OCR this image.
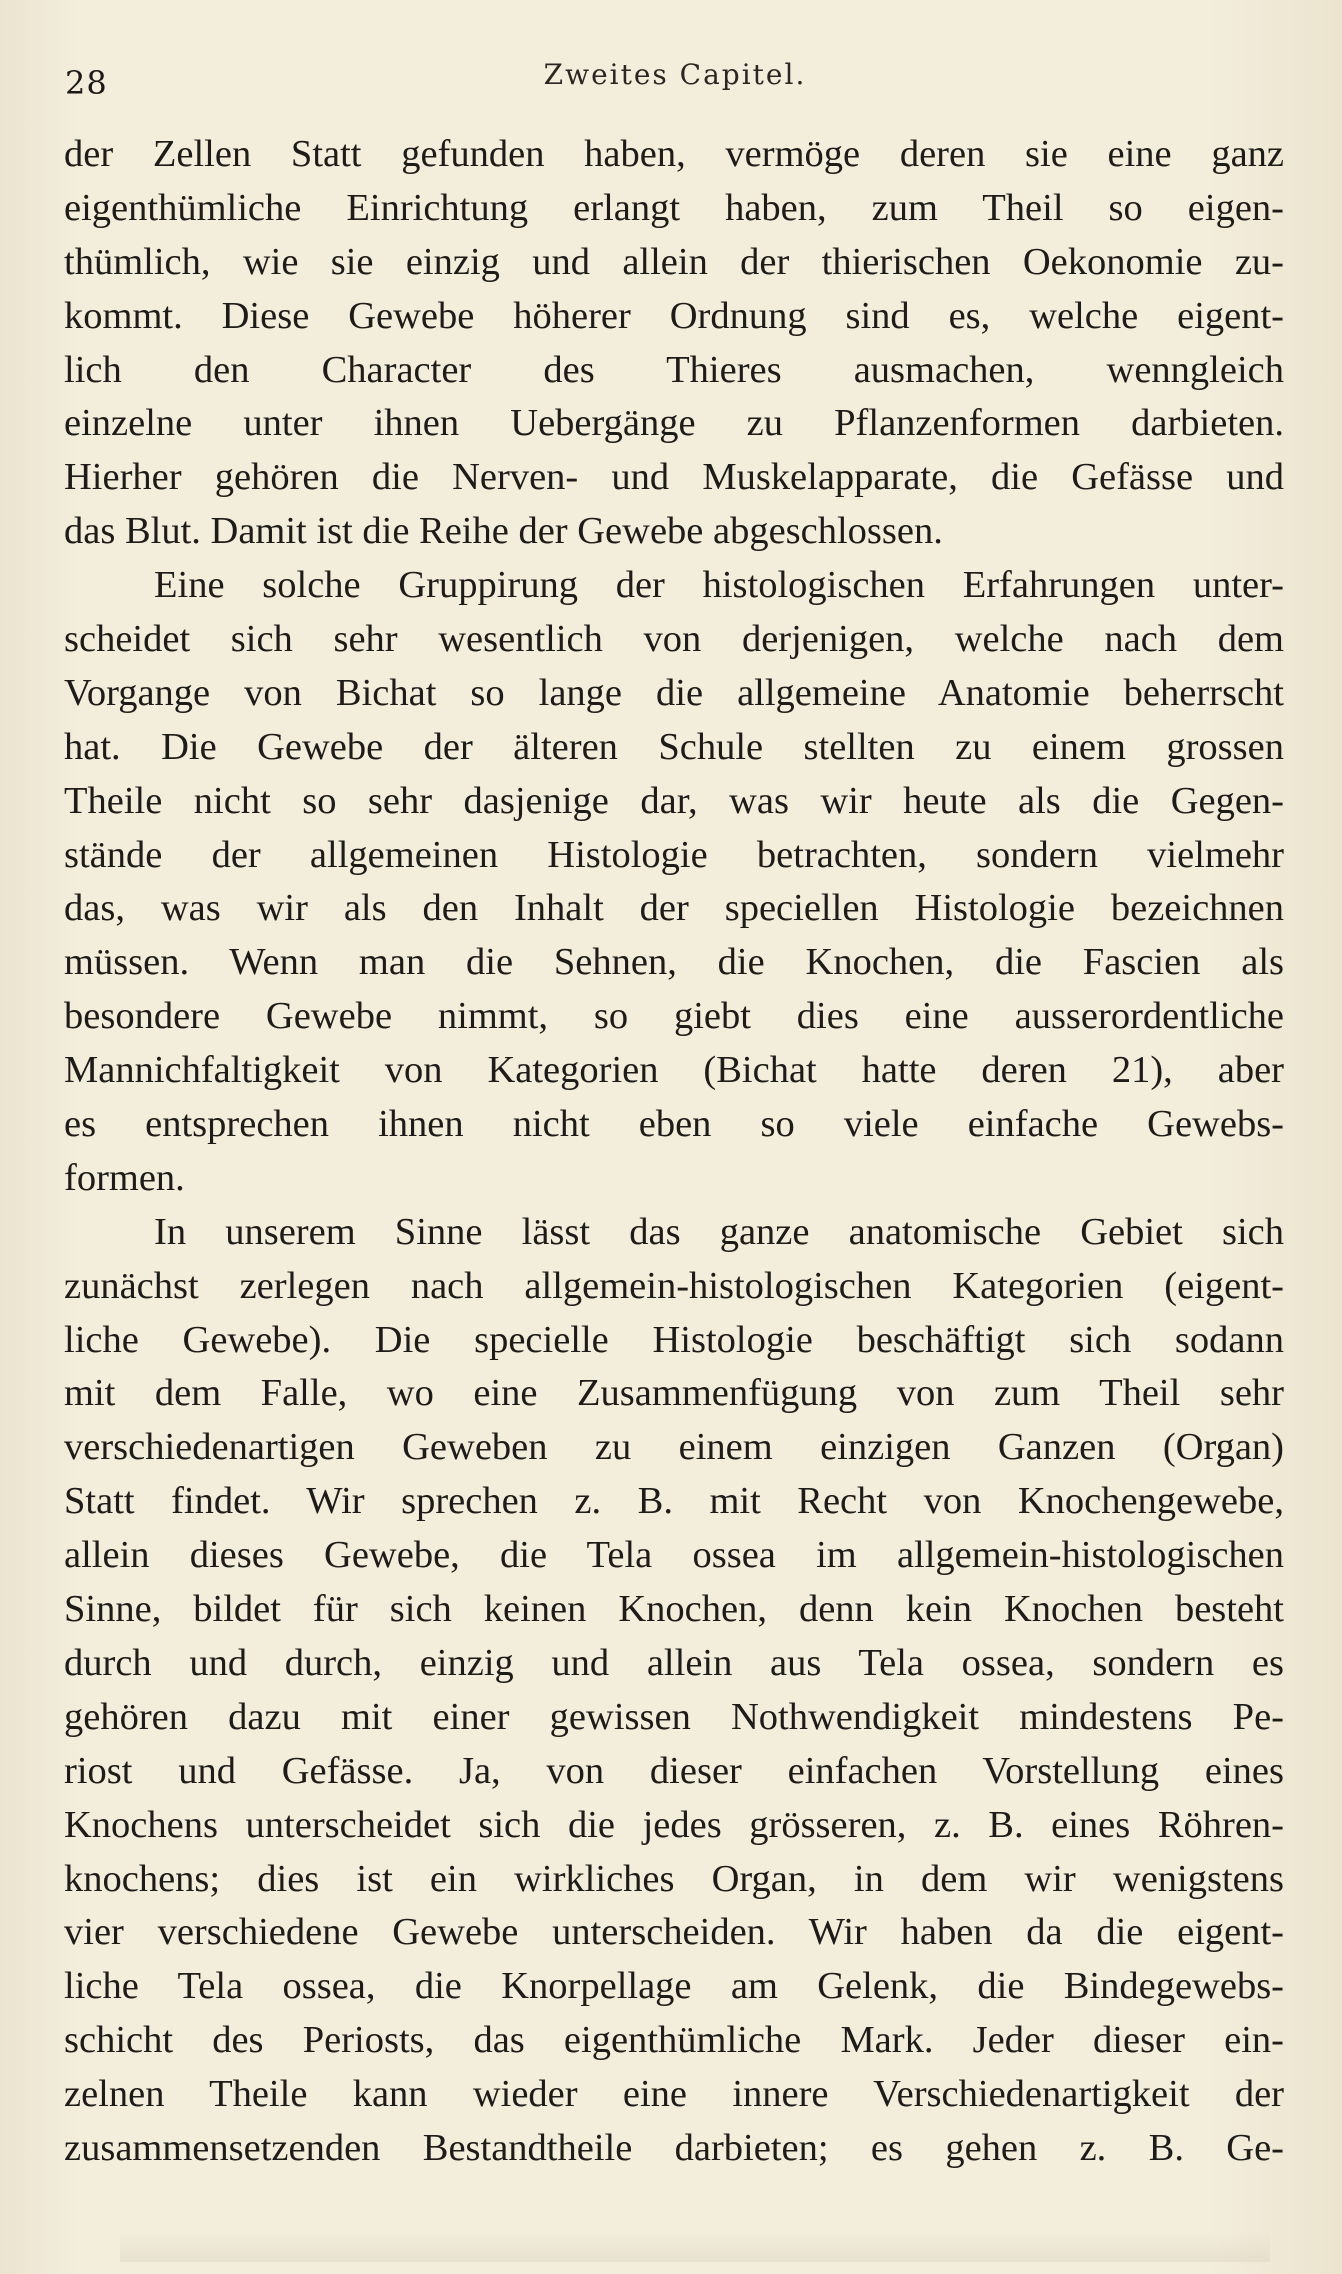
28	Zweites Capitel.
der Zellen Statt gefunden haben, vermöge deren sie eine ganz
eigenthümliche Einrichtung erlangt haben, zum Theil so eigen-
thümlich, wie sie einzig und allein der thierischen Oekonomie zu-
kommt. Diese Gewebe höherer Ordnung sind es, welche eigent-
lich den Character des Thieres ausmachen, wenngleich
einzelne unter ihnen Uebergänge zu Pflanzenformen darbieten.
Hierher gehören die Nerven- und Muskelapparate, die Gefässe und
das Blut. Damit ist die Reihe der Gewebe abgeschlossen.
Eine solche Gruppirung der histologischen Erfahrungen unter-
scheidet sich sehr wesentlich von derjenigen, welche nach dem
Vorgange von Bichat so lange die allgemeine Anatomie beherrscht
hat. Die Gewebe der älteren Schule stellten zu einem grossen
Theile nicht so sehr dasjenige dar, was wir heute als die Gegen-
stände der allgemeinen Histologie betrachten, sondern vielmehr
das, was wir als den Inhalt der speciellen Histologie bezeichnen
müssen. Wenn man die Sehnen, die Knochen, die Fascien als
besondere Gewebe nimmt, so giebt dies eine ausserordentliche
Mannichfaltigkeit von Kategorien (Bichat hatte deren 21), aber
es entsprechen ihnen nicht eben so viele einfache Gewebs-
formen.
In unserem Sinne lässt das ganze anatomische Gebiet sich
zunächst zerlegen nach allgemein-histologischen Kategorien (eigent-
liche Gewebe). Die specielle Histologie beschäftigt sich sodann
mit dem Falle, wo eine Zusammenfügung von zum Theil sehr
verschiedenartigen Geweben zu einem einzigen Ganzen (Organ)
Statt findet. Wir sprechen z. B. mit Recht von Knochengewebe,
allein dieses Gewebe, die Tela ossea im allgemein-histologischen
Sinne, bildet für sich keinen Knochen, denn kein Knochen besteht
durch und durch, einzig und allein aus Tela ossea, sondern es
gehören dazu mit einer gewissen Nothwendigkeit mindestens Pe-
riost und Gefässe. Ja, von dieser einfachen Vorstellung eines
Knochens unterscheidet sich die jedes grösseren, z. B. eines Röhren-
knochens; dies ist ein wirkliches Organ, in dem wir wenigstens
vier verschiedene Gewebe unterscheiden. Wir haben da die eigent-
liche Tela ossea, die Knorpellage am Gelenk, die Bindegewebs-
schicht des Periosts, das eigenthümliche Mark. Jeder dieser ein-
zelnen Theile kann wieder eine innere Verschiedenartigkeit der
zusammensetzenden Bestandtheile darbieten; es gehen z. B. Ge-
